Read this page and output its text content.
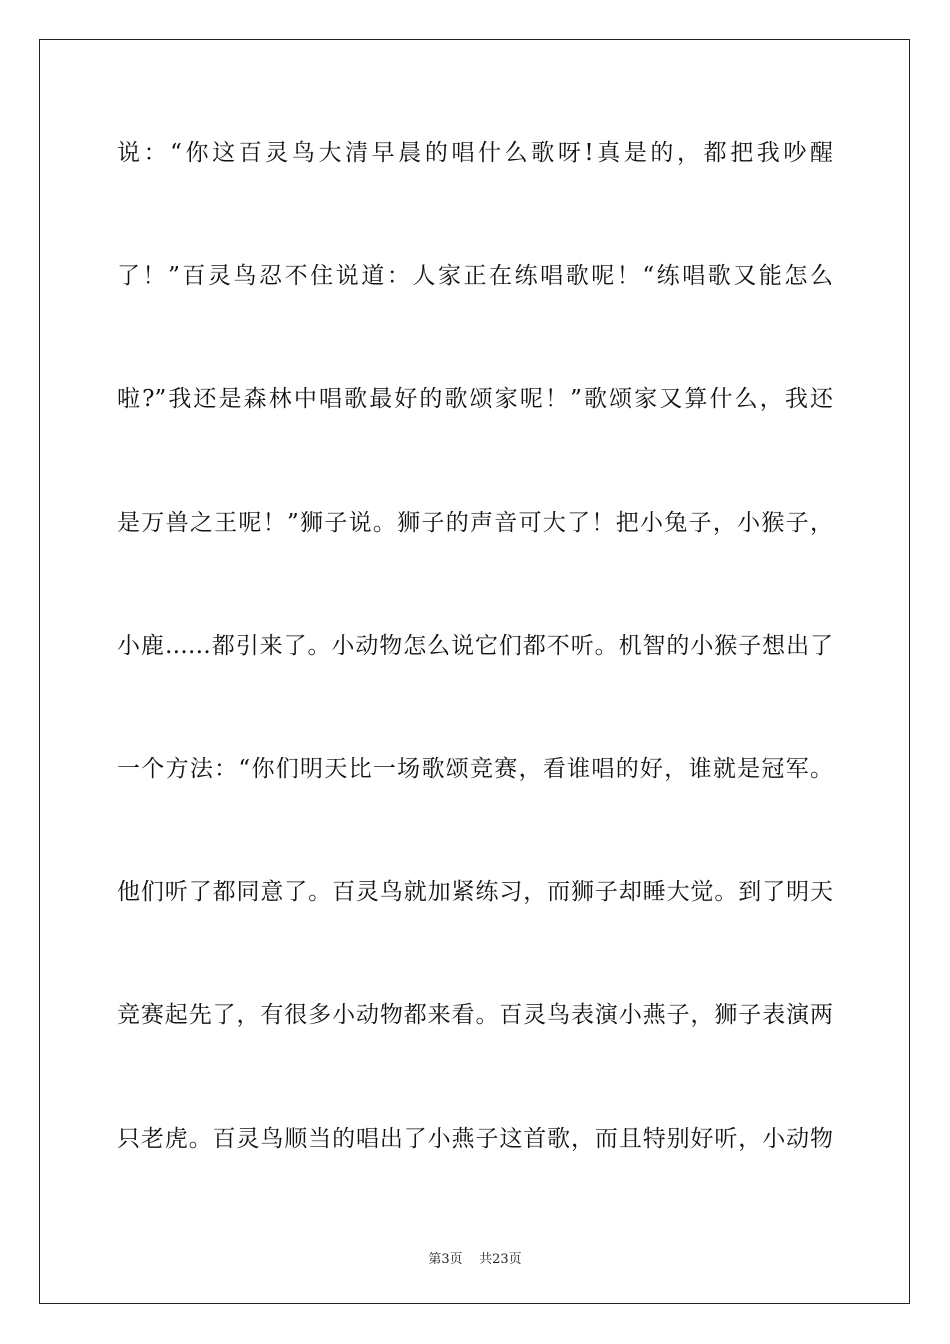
说：“你这百灵鸟大清早晨的唱什么歌呀!真是的，都把我吵醒
了！”百灵鸟忍不住说道：人家正在练唱歌呢！“练唱歌又能怎么
啦?”我还是森林中唱歌最好的歌颂家呢！”歌颂家又算什么，我还
是万兽之王呢！”狮子说。狮子的声音可大了！把小兔子，小猴子，
小鹿……都引来了。小动物怎么说它们都不听。机智的小猴子想出了
一个方法：“你们明天比一场歌颂竞赛，看谁唱的好，谁就是冠军。
他们听了都同意了。百灵鸟就加紧练习，而狮子却睡大觉。到了明天
竞赛起先了，有很多小动物都来看。百灵鸟表演小燕子，狮子表演两
只老虎。百灵鸟顺当的唱出了小燕子这首歌，而且特别好听，小动物
第3页    共23页
